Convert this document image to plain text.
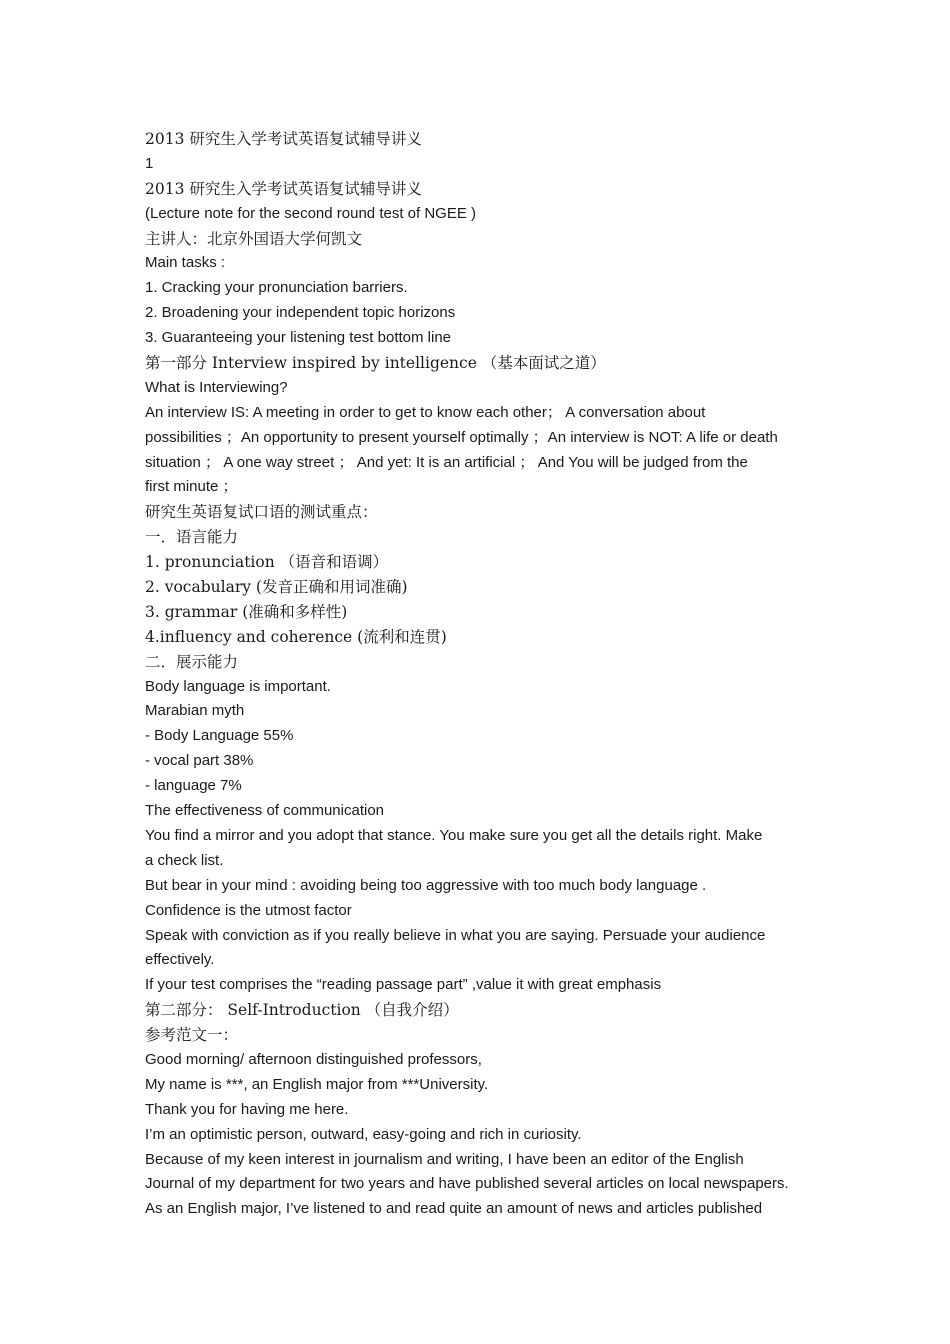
2013 研究生入学考试英语复试辅导讲义
1
2013 研究生入学考试英语复试辅导讲义
(Lecture note for the second round test of NGEE )
主讲人：北京外国语大学何凯文
Main tasks :
1. Cracking your pronunciation barriers.
2. Broadening your independent topic horizons
3. Guaranteeing your listening test bottom line
第一部分 Interview inspired by intelligence （基本面试之道）
What is Interviewing?
An interview IS: A meeting in order to get to know each other； A conversation about
possibilities ；An opportunity to present yourself optimally ；An interview is NOT: A life or death
situation ； A one way street ； And yet: It is an artificial ； And You will be judged from the
first minute ；
研究生英语复试口语的测试重点：
一．语言能力
1. pronunciation （语音和语调）
2. vocabulary (发音正确和用词准确)
3. grammar (准确和多样性)
4.influency and coherence (流利和连贯)
二．展示能力
Body language is important.
Marabian myth
- Body Language 55%
- vocal part 38%
- language 7%
The effectiveness of communication
You find a mirror and you adopt that stance. You make sure you get all the details right. Make
a check list.
But bear in your mind : avoiding being too aggressive with too much body language .
Confidence is the utmost factor
Speak with conviction as if you really believe in what you are saying. Persuade your audience
effectively.
If your test comprises the “reading passage part” ,value it with great emphasis
第二部分： Self-Introduction （自我介绍）
参考范文一：
Good morning/ afternoon distinguished professors,
My name is ***, an English major from ***University.
Thank you for having me here.
I’m an optimistic person, outward, easy-going and rich in curiosity.
Because of my keen interest in journalism and writing, I have been an editor of the English
Journal of my department for two years and have published several articles on local newspapers.
As an English major, I’ve listened to and read quite an amount of news and articles published
